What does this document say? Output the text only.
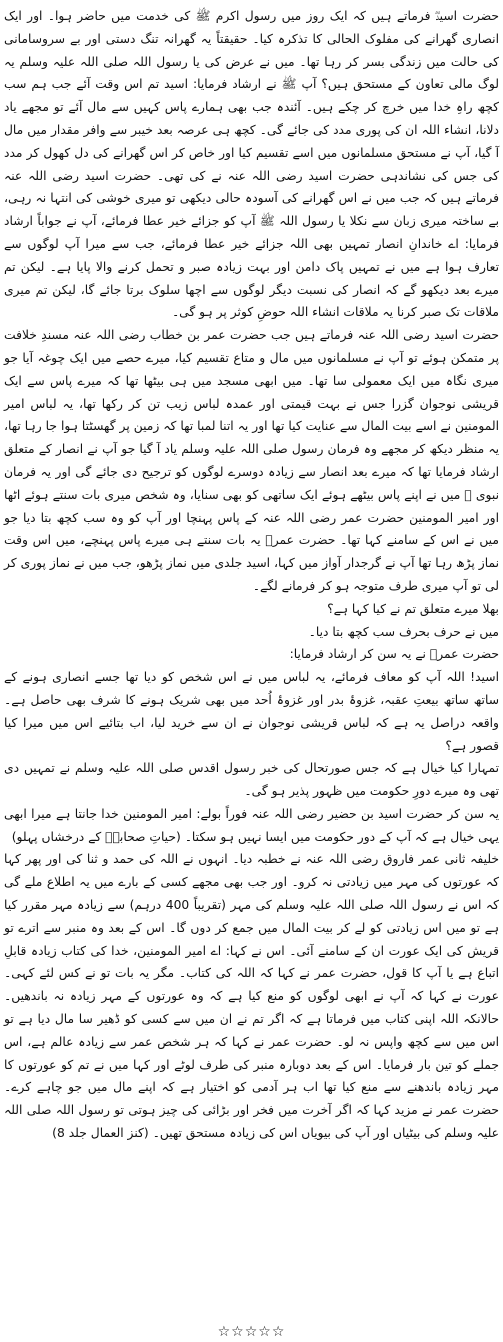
حضرت اسیدؓ فرماتے ہیں کہ ایک روز میں رسول اکرم ﷺ کی خدمت میں حاضر ہوا۔ اور ایک انصاری گھرانے کی مفلوک الحالی کا تذکرہ کیا۔ حقیقتاً یہ گھرانہ تنگ دستی اور بے سروسامانی کی حالت میں زندگی بسر کر رہا تھا۔ میں نے عرض کی یا رسول اللہ صلی اللہ علیہ وسلم یہ لوگ مالی تعاون کے مستحق ہیں؟ آپ ﷺ نے ارشاد فرمایا: اسید تم اس وقت آئے جب ہم سب کچھ راہِ خدا میں خرچ کر چکے ہیں۔ آئندہ جب بھی ہمارے پاس کہیں سے مال آئے تو مجھے یاد دلانا، انشاء اللہ ان کی پوری مدد کی جائے گی۔ کچھ ہی عرصہ بعد خیبر سے وافر مقدار میں مال آ گیا، آپ نے مستحق مسلمانوں میں اسے تقسیم کیا اور خاص کر اس گھرانے کی دل کھول کر مدد کی جس کی نشاندہی حضرت اسید رضی اللہ عنہ نے کی تھی۔ حضرت اسید رضی اللہ عنہ فرماتے ہیں کہ جب میں نے اس گھرانے کی آسودہ حالی دیکھی تو میری خوشی کی انتہا نہ رہی، بے ساختہ میری زبان سے نکلا یا رسول اللہ ﷺ آپ کو جزائے خیر عطا فرمائے، آپ نے جواباً ارشاد فرمایا: اے خاندانِ انصار تمہیں بھی اللہ جزائے خیر عطا فرمائے، جب سے میرا آپ لوگوں سے تعارف ہوا ہے میں نے تمہیں پاک دامن اور بہت زیادہ صبر و تحمل کرنے والا پایا ہے۔ لیکن تم میرے بعد دیکھو گے کہ انصار کی نسبت دیگر لوگوں سے اچھا سلوک برتا جائے گا، لیکن تم میری ملاقات تک صبر کرنا یہ ملاقات انشاء اللہ حوضِ کوثر پر ہو گی۔

حضرت اسید رضی اللہ عنہ فرماتے ہیں جب حضرت عمر بن خطاب رضی اللہ عنہ مسندِ خلافت پر متمکن ہوئے تو آپ نے مسلمانوں میں مال و متاع تقسیم کیا، میرے حصے میں ایک چوغہ آیا جو میری نگاہ میں ایک معمولی سا تھا۔ میں ابھی مسجد میں ہی بیٹھا تھا کہ میرے پاس سے ایک قریشی نوجوان گزرا جس نے بہت قیمتی اور عمدہ لباس زیب تن کر رکھا تھا، یہ لباس امیر المومنین نے اسے بیت المال سے عنایت کیا تھا اور یہ اتنا لمبا تھا کہ زمین پر گھسٹتا ہوا جا رہا تھا، یہ منظر دیکھ کر مجھے وہ فرمان رسول صلی اللہ علیہ وسلم یاد آ گیا جو آپ نے انصار کے متعلق ارشاد فرمایا تھا کہ میرے بعد انصار سے زیادہ دوسرے لوگوں کو ترجیح دی جائے گی اور یہ فرمان نبوی ﷺ میں نے اپنے پاس بیٹھے ہوئے ایک ساتھی کو بھی سنایا، وہ شخص میری بات سنتے ہوئے اٹھا اور امیر المومنین حضرت عمر رضی اللہ عنہ کے پاس پہنچا اور آپ کو وہ سب کچھ بتا دیا جو میں نے اس کے سامنے کہا تھا۔ حضرت عمرؓ یہ بات سنتے ہی میرے پاس پہنچے، میں اس وقت نماز پڑھ رہا تھا آپ نے گرجدار آواز میں کہا، اسید جلدی میں نماز پڑھو، جب میں نے نماز پوری کر لی تو آپ میری طرف متوجہ ہو کر فرمانے لگے۔

بھلا میرے متعلق تم نے کیا کہا ہے؟

میں نے حرف بحرف سب کچھ بتا دیا۔

حضرت عمرؓ نے یہ سن کر ارشاد فرمایا:

اسید! اللہ آپ کو معاف فرمائے، یہ لباس میں نے اس شخص کو دیا تھا جسے انصاری ہونے کے ساتھ ساتھ بیعتِ عقبہ، غزوۂ بدر اور غزوۂ اُحد میں بھی شریک ہونے کا شرف بھی حاصل ہے۔ واقعہ دراصل یہ ہے کہ لباس قریشی نوجوان نے ان سے خرید لیا، اب بتائیے اس میں میرا کیا قصور ہے؟

تمہارا کیا خیال ہے کہ جس صورتحال کی خبر رسول اقدس صلی اللہ علیہ وسلم نے تمہیں دی تھی وہ میرے دورِ حکومت میں ظہور پذیر ہو گی۔

یہ سن کر حضرت اسید بن حضیر رضی اللہ عنہ فوراً بولے: امیر المومنین خدا جانتا ہے میرا ابھی یہی خیال ہے کہ آپ کے دور حکومت میں ایسا نہیں ہو سکتا۔ (حیاتِ صحابہؓ کے درخشاں پہلو)

خلیفہ ثانی عمر فاروق رضی اللہ عنہ نے خطبہ دیا۔ انہوں نے اللہ کی حمد و ثنا کی اور پھر کہا کہ عورتوں کی مہر میں زیادتی نہ کرو۔ اور جب بھی مجھے کسی کے بارے میں یہ اطلاع ملے گی کہ اس نے رسول اللہ صلی اللہ علیہ وسلم کی مہر (تقریباً 400 درہم) سے زیادہ مہر مقرر کیا ہے تو میں اس زیادتی کو لے کر بیت المال میں جمع کر دوں گا۔ اس کے بعد وہ منبر سے اترے تو قریش کی ایک عورت ان کے سامنے آئی۔ اس نے کہا: اے امیر المومنین، خدا کی کتاب زیادہ قابلِ اتباع ہے یا آپ کا قول، حضرت عمر نے کہا کہ اللہ کی کتاب۔ مگر یہ بات تو نے کس لئے کہی۔ عورت نے کہا کہ آپ نے ابھی لوگوں کو منع کیا ہے کہ وہ عورتوں کے مہر زیادہ نہ باندھیں۔ حالانکہ اللہ اپنی کتاب میں فرماتا ہے کہ اگر تم نے ان میں سے کسی کو ڈھیر سا مال دیا ہے تو اس میں سے کچھ واپس نہ لو۔ حضرت عمر نے کہا کہ ہر شخص عمر سے زیادہ عالم ہے، اس جملے کو تین بار فرمایا۔ اس کے بعد دوبارہ منبر کی طرف لوٹے اور کہا میں نے تم کو عورتوں کا مہر زیادہ باندھنے سے منع کیا تھا اب ہر آدمی کو اختیار ہے کہ اپنے مال میں جو چاہے کرے۔ حضرت عمر نے مزید کہا کہ اگر آخرت میں فخر اور بڑائی کی چیز ہوتی تو رسول اللہ صلی اللہ علیہ وسلم کی بیٹیاں اور آپ کی بیویاں اس کی زیادہ مستحق تھیں۔ (کنز العمال جلد 8)

☆☆☆☆☆
